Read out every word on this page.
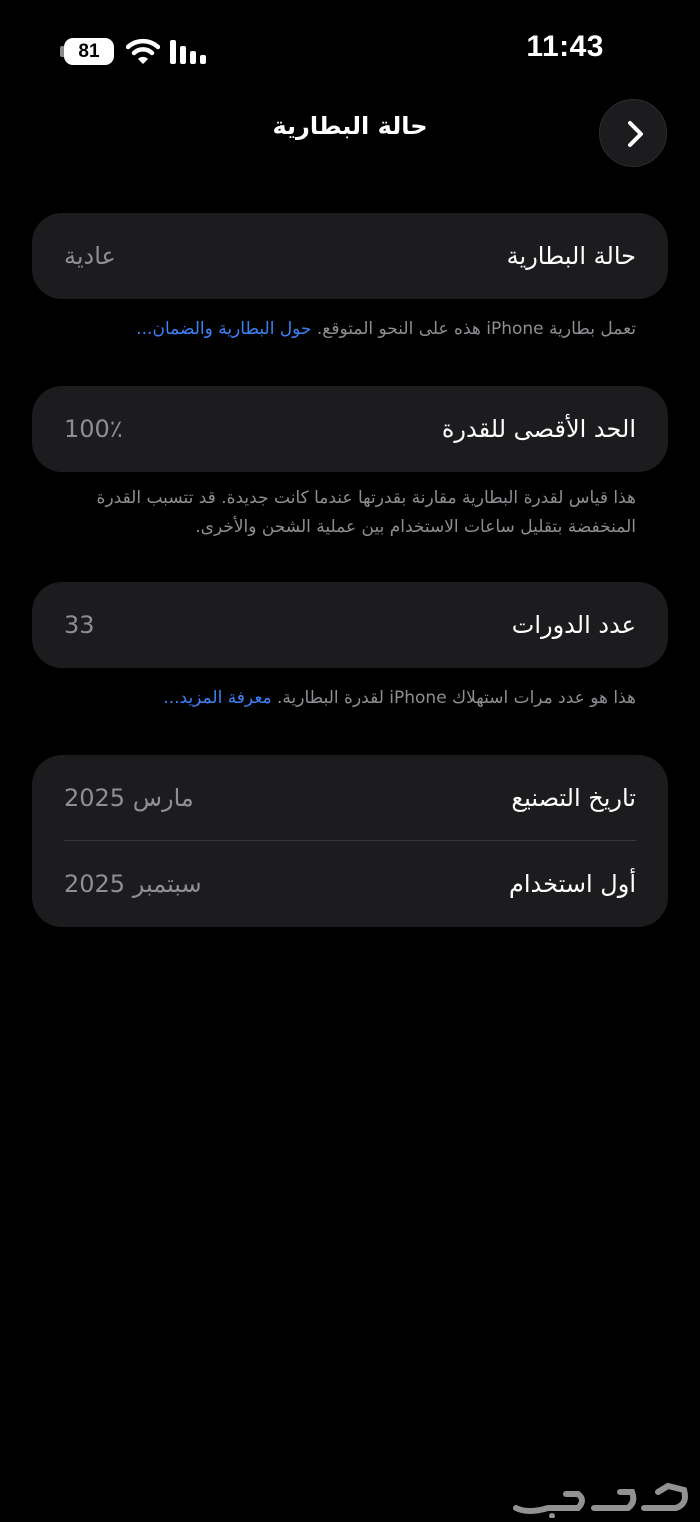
81	11:43
حالة البطارية
حالة البطارية
عادية
تعمل بطارية iPhone هذه على النحو المتوقع. حول البطارية والضمان...
الحد الأقصى للقدرة
100٪
هذا قياس لقدرة البطارية مقارنة بقدرتها عندما كانت جديدة. قد تتسبب القدرة المنخفضة بتقليل ساعات الاستخدام بين عملية الشحن والأخرى.
عدد الدورات
33
هذا هو عدد مرات استهلاك iPhone لقدرة البطارية. معرفة المزيد...
تاريخ التصنيع
مارس 2025
أول استخدام
سبتمبر 2025
